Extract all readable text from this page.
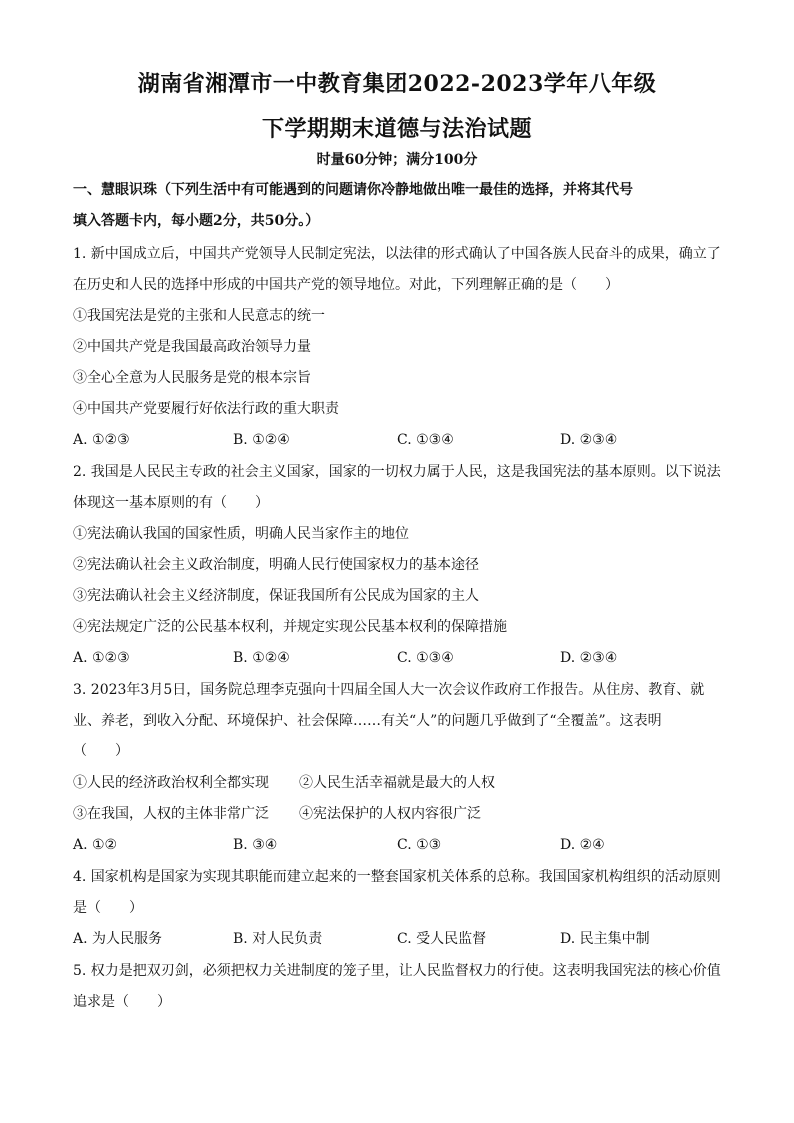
湖南省湘潭市一中教育集团2022-2023学年八年级
下学期期末道德与法治试题
时量60分钟；满分100分
一、慧眼识珠（下列生活中有可能遇到的问题请你冷静地做出唯一最佳的选择，并将其代号
填入答题卡内，每小题2分，共50分。）
1. 新中国成立后，中国共产党领导人民制定宪法，以法律的形式确认了中国各族人民奋斗的成果，确立了
在历史和人民的选择中形成的中国共产党的领导地位。对此，下列理解正确的是（　　）
①我国宪法是党的主张和人民意志的统一
②中国共产党是我国最高政治领导力量
③全心全意为人民服务是党的根本宗旨
④中国共产党要履行好依法行政的重大职责
A. ①②③	B. ①②④	C. ①③④	D. ②③④
2. 我国是人民民主专政的社会主义国家，国家的一切权力属于人民，这是我国宪法的基本原则。以下说法
体现这一基本原则的有（　　）
①宪法确认我国的国家性质，明确人民当家作主的地位
②宪法确认社会主义政治制度，明确人民行使国家权力的基本途径
③宪法确认社会主义经济制度，保证我国所有公民成为国家的主人
④宪法规定广泛的公民基本权利，并规定实现公民基本权利的保障措施
A. ①②③	B. ①②④	C. ①③④	D. ②③④
3. 2023年3月5日，国务院总理李克强向十四届全国人大一次会议作政府工作报告。从住房、教育、就
业、养老，到收入分配、环境保护、社会保障……有关“人”的问题几乎做到了“全覆盖”。这表明
（　　）
①人民的经济政治权利全都实现 ②人民生活幸福就是最大的人权
③在我国，人权的主体非常广泛 ④宪法保护的人权内容很广泛
A. ①②	B. ③④	C. ①③	D. ②④
4. 国家机构是国家为实现其职能而建立起来的一整套国家机关体系的总称。我国国家机构组织的活动原则
是（　　）
A. 为人民服务	B. 对人民负责	C. 受人民监督	D. 民主集中制
5. 权力是把双刃剑，必须把权力关进制度的笼子里，让人民监督权力的行使。这表明我国宪法的核心价值
追求是（　　）
